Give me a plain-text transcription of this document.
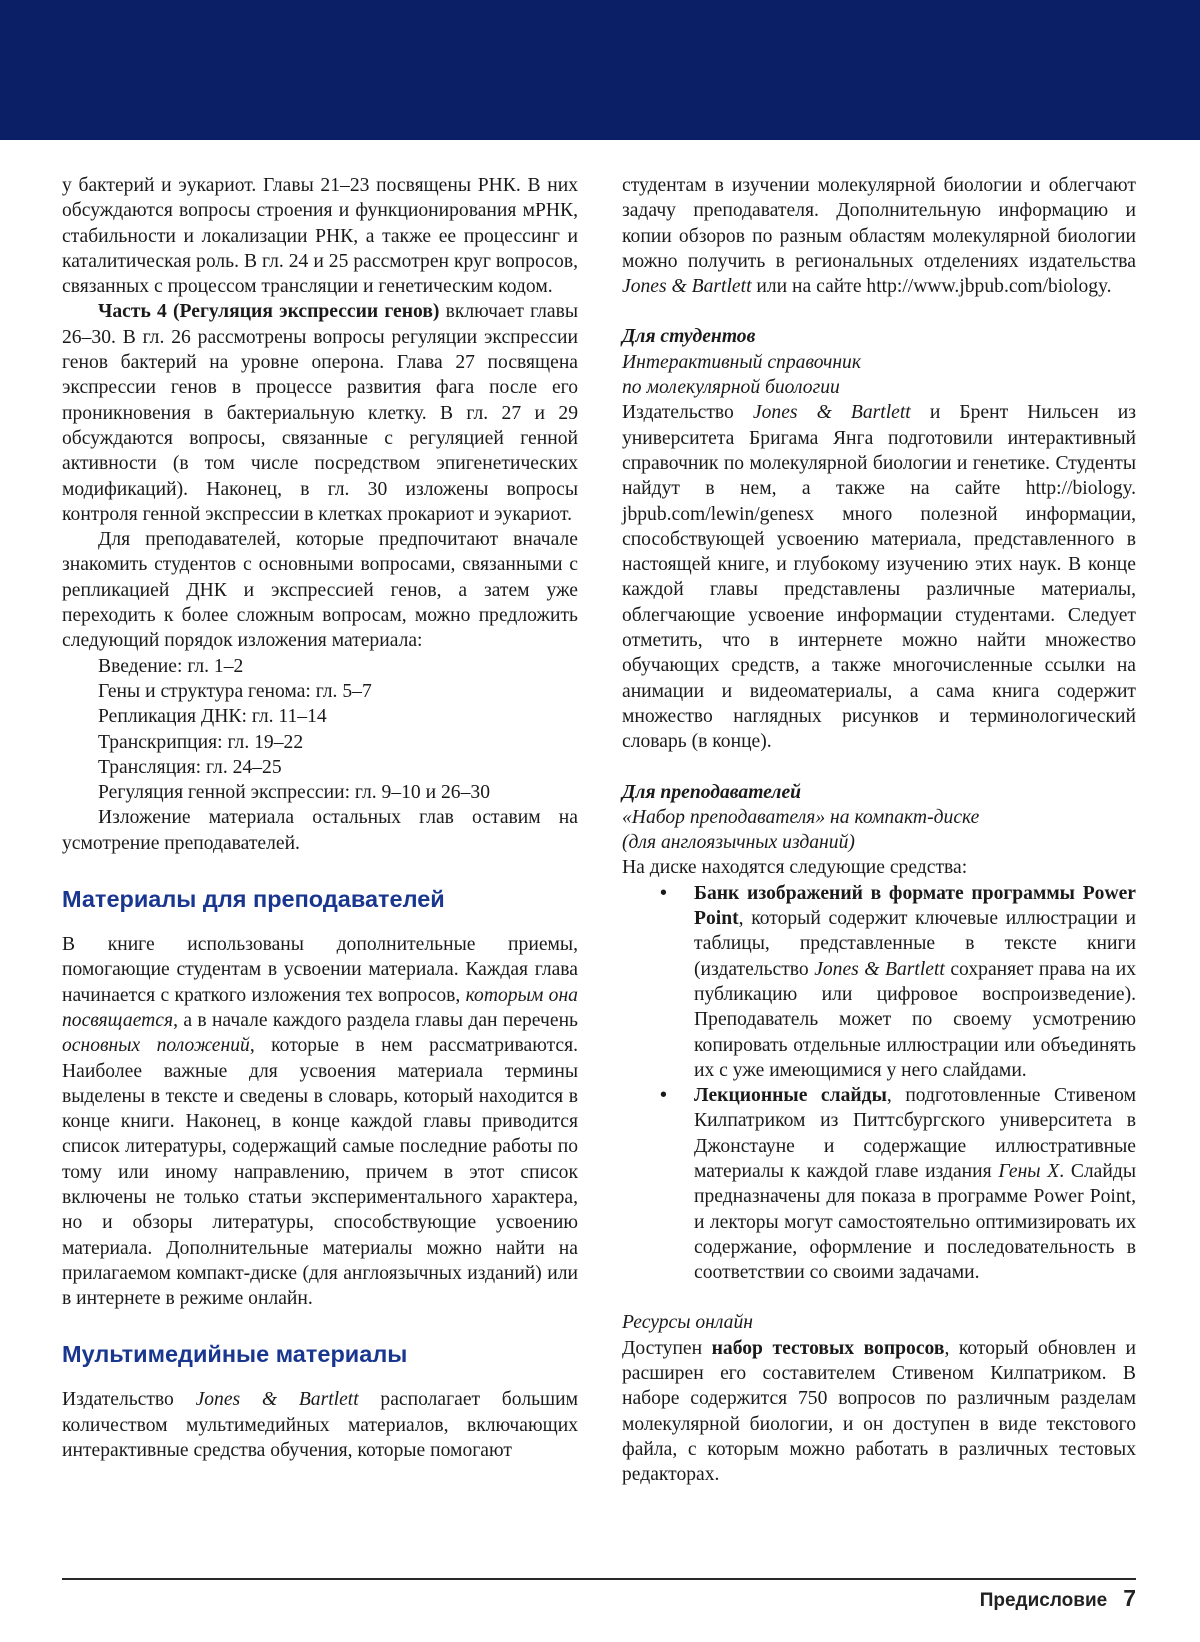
у бактерий и эукариот. Главы 21–23 посвящены РНК. В них обсуждаются вопросы строения и функционирования мРНК, стабильности и локализации РНК, а также ее процессинг и каталитическая роль. В гл. 24 и 25 рассмотрен круг вопросов, связанных с процессом трансляции и генетическим кодом.

Часть 4 (Регуляция экспрессии генов) включает главы 26–30. В гл. 26 рассмотрены вопросы регуляции экспрессии генов бактерий на уровне оперона. Глава 27 посвящена экспрессии генов в процессе развития фага после его проникновения в бактериальную клетку. В гл. 27 и 29 обсуждаются вопросы, связанные с регуляцией генной активности (в том числе посредством эпигенетических модификаций). Наконец, в гл. 30 изложены вопросы контроля генной экспрессии в клетках прокариот и эукариот.

Для преподавателей, которые предпочитают вначале знакомить студентов с основными вопросами, связанными с репликацией ДНК и экспрессией генов, а затем уже переходить к более сложным вопросам, можно предложить следующий порядок изложения материала:

Введение: гл. 1–2

Гены и структура генома: гл. 5–7

Репликация ДНК: гл. 11–14

Транскрипция: гл. 19–22

Трансляция: гл. 24–25

Регуляция генной экспрессии: гл. 9–10 и 26–30

Изложение материала остальных глав оставим на усмотрение преподавателей.

Материалы для преподавателей

В книге использованы дополнительные приемы, помогающие студентам в усвоении материала. Каждая глава начинается с краткого изложения тех вопросов, которым она посвящается, а в начале каждого раздела главы дан перечень основных положений, которые в нем рассматриваются. Наиболее важные для усвоения материала термины выделены в тексте и сведены в словарь, который находится в конце книги. Наконец, в конце каждой главы приводится список литературы, содержащий самые последние работы по тому или иному направлению, причем в этот список включены не только статьи экспериментального характера, но и обзоры литературы, способствующие усвоению материала. Дополнительные материалы можно найти на прилагаемом компакт-диске (для англоязычных изданий) или в интернете в режиме онлайн.

Мультимедийные материалы

Издательство Jones & Bartlett располагает большим количеством мультимедийных материалов, включающих интерактивные средства обучения, которые помогают

студентам в изучении молекулярной биологии и облегчают задачу преподавателя. Дополнительную информацию и копии обзоров по разным областям молекулярной биологии можно получить в региональных отделениях издательства Jones & Bartlett или на сайте http://www.jbpub.com/biology.

Для студентов

Интерактивный справочник

по молекулярной биологии

Издательство Jones & Bartlett и Брент Нильсен из университета Бригама Янга подготовили интерактивный справочник по молекулярной биологии и генетике. Студенты найдут в нем, а также на сайте http://biology. jbpub.com/lewin/genesx много полезной информации, способствующей усвоению материала, представленного в настоящей книге, и глубокому изучению этих наук. В конце каждой главы представлены различные материалы, облегчающие усвоение информации студентами. Следует отметить, что в интернете можно найти множество обучающих средств, а также многочисленные ссылки на анимации и видеоматериалы, а сама книга содержит множество наглядных рисунков и терминологический словарь (в конце).

Для преподавателей

«Набор преподавателя» на компакт-диске

(для англоязычных изданий)

На диске находятся следующие средства:

• Банк изображений в формате программы Power Point, который содержит ключевые иллюстрации и таблицы, представленные в тексте книги (издательство Jones & Bartlett сохраняет права на их публикацию или цифровое воспроизведение). Преподаватель может по своему усмотрению копировать отдельные иллюстрации или объединять их с уже имеющимися у него слайдами.
• Лекционные слайды, подготовленные Стивеном Килпатриком из Питтсбургского университета в Джонстауне и содержащие иллюстративные материалы к каждой главе издания Гены X. Слайды предназначены для показа в программе Power Point, и лекторы могут самостоятельно оптимизировать их содержание, оформление и последовательность в соответствии со своими задачами.

Ресурсы онлайн

Доступен набор тестовых вопросов, который обновлен и расширен его составителем Стивеном Килпатриком. В наборе содержится 750 вопросов по различным разделам молекулярной биологии, и он доступен в виде текстового файла, с которым можно работать в различных тестовых редакторах.

Предисловие 7
